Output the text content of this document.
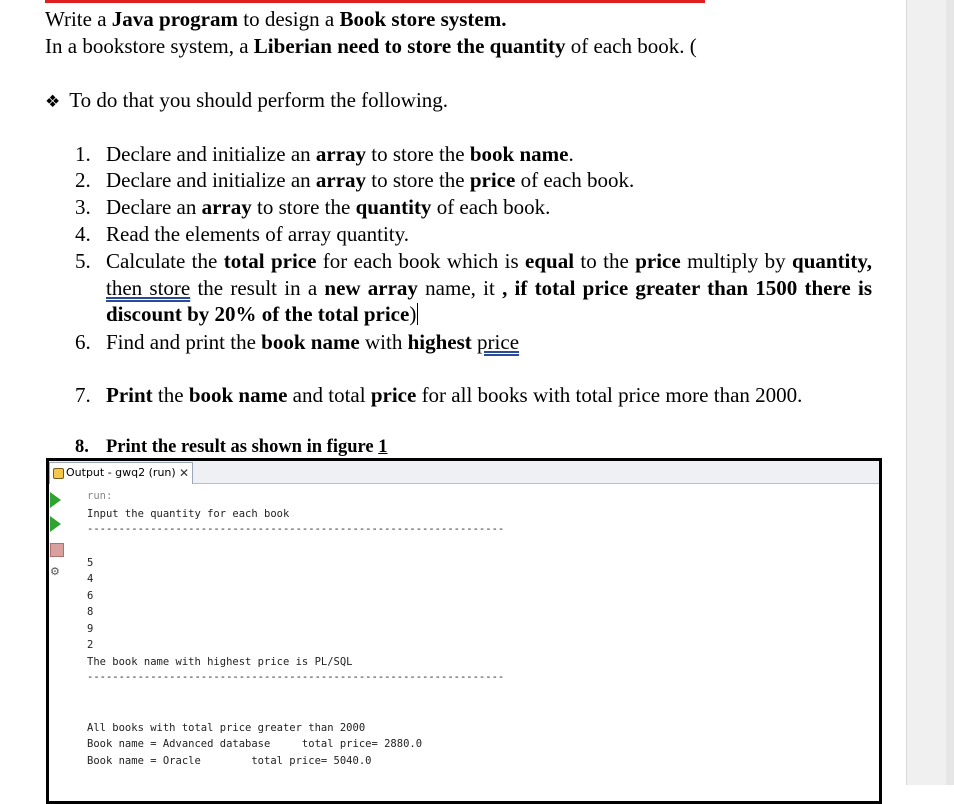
Write a Java program to design a Book store system.
In a bookstore system, a Liberian need to store the quantity of each book. (
❖ To do that you should perform the following.
1. Declare and initialize an array to store the book name.
2. Declare and initialize an array to store the price of each book.
3. Declare an array to store the quantity of each book.
4. Read the elements of array quantity.
5. Calculate the total price for each book which is equal to the price multiply by quantity, then store the result in a new array name, it , if total price greater than 1500 there is discount by 20% of the total price)
6. Find and print the book name with highest price
7. Print the book name and total price for all books with total price more than 2000.
8. Print the result as shown in figure 1
Output - gwq2 (run) ✕
⚙
run:
Input the quantity for each book
------------------------------------------------------------------
5
4
6
8
9
2
The book name with highest price is PL/SQL
------------------------------------------------------------------
All books with total price greater than 2000
Book name = Advanced database     total price= 2880.0
Book name = Oracle        total price= 5040.0
